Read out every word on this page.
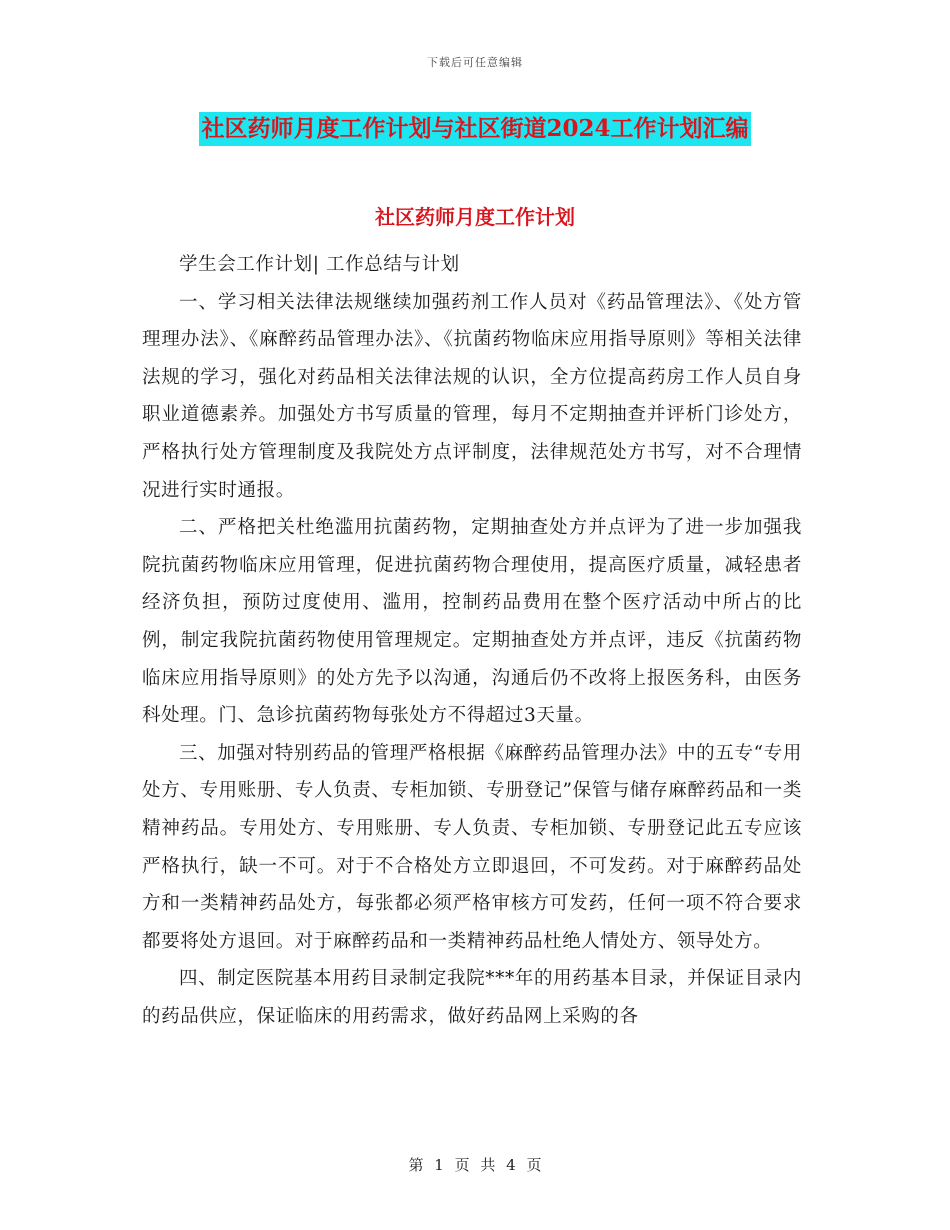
下载后可任意编辑
社区药师月度工作计划与社区街道2024工作计划汇编
社区药师月度工作计划

学生会工作计划| 工作总结与计划

一、学习相关法律法规继续加强药剂工作人员对《药品管理法》、《处方管理理办法》、《麻醉药品管理办法》、《抗菌药物临床应用指导原则》等相关法律法规的学习，强化对药品相关法律法规的认识，全方位提高药房工作人员自身职业道德素养。加强处方书写质量的管理，每月不定期抽查并评析门诊处方，严格执行处方管理制度及我院处方点评制度，法律规范处方书写，对不合理情况进行实时通报。

二、严格把关杜绝滥用抗菌药物，定期抽查处方并点评为了进一步加强我院抗菌药物临床应用管理，促进抗菌药物合理使用，提高医疗质量，减轻患者经济负担，预防过度使用、滥用，控制药品费用在整个医疗活动中所占的比例，制定我院抗菌药物使用管理规定。定期抽查处方并点评，违反《抗菌药物临床应用指导原则》的处方先予以沟通，沟通后仍不改将上报医务科，由医务科处理。门、急诊抗菌药物每张处方不得超过3天量。

三、加强对特别药品的管理严格根据《麻醉药品管理办法》中的五专“专用处方、专用账册、专人负责、专柜加锁、专册登记”保管与储存麻醉药品和一类精神药品。专用处方、专用账册、专人负责、专柜加锁、专册登记此五专应该严格执行，缺一不可。对于不合格处方立即退回，不可发药。对于麻醉药品处方和一类精神药品处方，每张都必须严格审核方可发药，任何一项不符合要求都要将处方退回。对于麻醉药品和一类精神药品杜绝人情处方、领导处方。

四、制定医院基本用药目录制定我院***年的用药基本目录，并保证目录内的药品供应，保证临床的用药需求，做好药品网上采购的各

第 1 页 共 4 页
